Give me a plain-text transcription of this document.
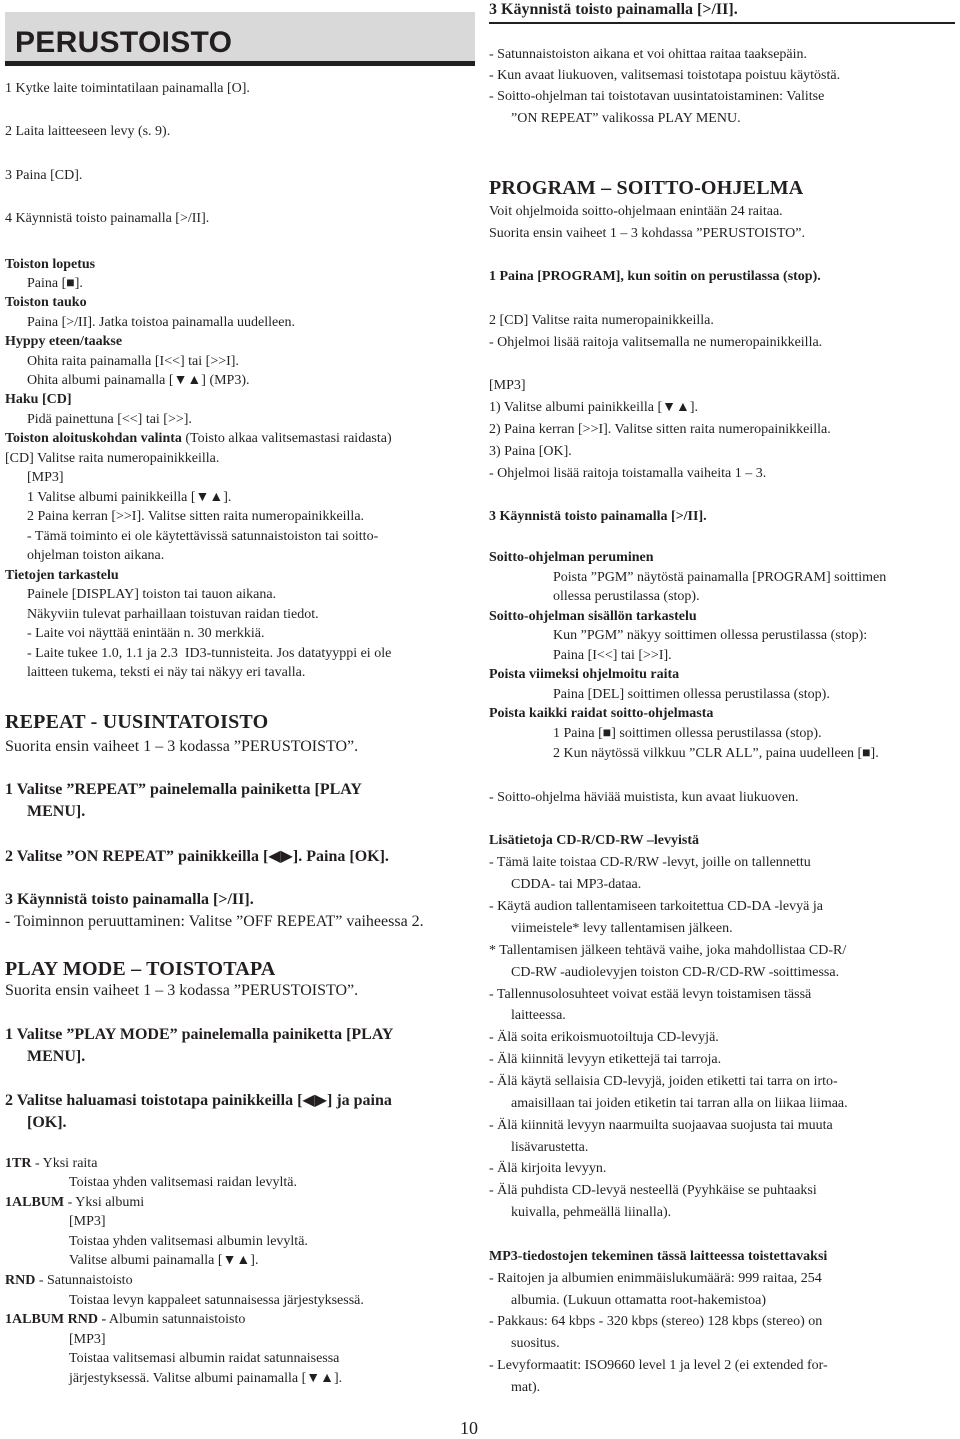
PERUSTOISTO
1 Kytke laite toimintatilaan painamalla [O].
2 Laita laitteeseen levy (s. 9).
3 Paina [CD].
4 Käynnistä toisto painamalla [>/II].
Toiston lopetus
Paina [■].
Toiston tauko
Paina [>/II]. Jatka toistoa painamalla uudelleen.
Hyppy eteen/taakse
Ohita raita painamalla [I<<] tai [>>I].
Ohita albumi painamalla [▼▲] (MP3).
Haku [CD]
Pidä painettuna [<<] tai [>>].
Toiston aloituskohdan valinta (Toisto alkaa valitsemastasi raidasta)
[CD] Valitse raita numeropainikkeilla.
[MP3]
1 Valitse albumi painikkeilla [▼▲].
2 Paina kerran [>>I]. Valitse sitten raita numeropainikkeilla.
- Tämä toiminto ei ole käytettävissä satunnaistoiston tai soitto-
ohjelman toiston aikana.
Tietojen tarkastelu
Painele [DISPLAY] toiston tai tauon aikana.
Näkyviin tulevat parhaillaan toistuvan raidan tiedot.
- Laite voi näyttää enintään n. 30 merkkiä.
- Laite tukee 1.0, 1.1 ja 2.3  ID3-tunnisteita. Jos datatyyppi ei ole
laitteen tukema, teksti ei näy tai näkyy eri tavalla.
REPEAT - UUSINTATOISTO
Suorita ensin vaiheet 1 – 3 kodassa ”PERUSTOISTO”.
1 Valitse ”REPEAT” painelemalla painiketta [PLAY
MENU].
2 Valitse ”ON REPEAT” painikkeilla [◀▶]. Paina [OK].
3 Käynnistä toisto painamalla [>/II].
- Toiminnon peruuttaminen: Valitse ”OFF REPEAT” vaiheessa 2.
PLAY MODE – TOISTOTAPA
Suorita ensin vaiheet 1 – 3 kodassa ”PERUSTOISTO”.
1 Valitse ”PLAY MODE” painelemalla painiketta [PLAY
MENU].
2 Valitse haluamasi toistotapa painikkeilla [◀▶] ja paina
[OK].
1TR - Yksi raita
Toistaa yhden valitsemasi raidan levyltä.
1ALBUM - Yksi albumi
[MP3]
Toistaa yhden valitsemasi albumin levyltä.
Valitse albumi painamalla [▼▲].
RND - Satunnaistoisto
Toistaa levyn kappaleet satunnaisessa järjestyksessä.
1ALBUM RND - Albumin satunnaistoisto
[MP3]
Toistaa valitsemasi albumin raidat satunnaisessa
järjestyksessä. Valitse albumi painamalla [▼▲].
3 Käynnistä toisto painamalla [>/II].
- Satunnaistoiston aikana et voi ohittaa raitaa taaksepäin.
- Kun avaat liukuoven, valitsemasi toistotapa poistuu käytöstä.
- Soitto-ohjelman tai toistotavan uusintatoistaminen: Valitse
”ON REPEAT” valikossa PLAY MENU.
PROGRAM – SOITTO-OHJELMA
Voit ohjelmoida soitto-ohjelmaan enintään 24 raitaa.
Suorita ensin vaiheet 1 – 3 kohdassa ”PERUSTOISTO”.
1 Paina [PROGRAM], kun soitin on perustilassa (stop).
2 [CD] Valitse raita numeropainikkeilla.
- Ohjelmoi lisää raitoja valitsemalla ne numeropainikkeilla.
[MP3]
1) Valitse albumi painikkeilla [▼▲].
2) Paina kerran [>>I]. Valitse sitten raita numeropainikkeilla.
3) Paina [OK].
- Ohjelmoi lisää raitoja toistamalla vaiheita 1 – 3.
3 Käynnistä toisto painamalla [>/II].
Soitto-ohjelman peruminen
Poista ”PGM” näytöstä painamalla [PROGRAM] soittimen
ollessa perustilassa (stop).
Soitto-ohjelman sisällön tarkastelu
Kun ”PGM” näkyy soittimen ollessa perustilassa (stop):
Paina [I<<] tai [>>I].
Poista viimeksi ohjelmoitu raita
Paina [DEL] soittimen ollessa perustilassa (stop).
Poista kaikki raidat soitto-ohjelmasta
1 Paina [■] soittimen ollessa perustilassa (stop).
2 Kun näytössä vilkkuu ”CLR ALL”, paina uudelleen [■].
- Soitto-ohjelma häviää muistista, kun avaat liukuoven.
Lisätietoja CD-R/CD-RW –levyistä
- Tämä laite toistaa CD-R/RW -levyt, joille on tallennettu
CDDA- tai MP3-dataa.
- Käytä audion tallentamiseen tarkoitettua CD-DA -levyä ja
viimeistele* levy tallentamisen jälkeen.
* Tallentamisen jälkeen tehtävä vaihe, joka mahdollistaa CD-R/
CD-RW -audiolevyjen toiston CD-R/CD-RW -soittimessa.
- Tallennusolosuhteet voivat estää levyn toistamisen tässä
laitteessa.
- Älä soita erikoismuotoiltuja CD-levyjä.
- Älä kiinnitä levyyn etikettejä tai tarroja.
- Älä käytä sellaisia CD-levyjä, joiden etiketti tai tarra on irto-
amaisillaan tai joiden etiketin tai tarran alla on liikaa liimaa.
- Älä kiinnitä levyyn naarmuilta suojaavaa suojusta tai muuta
lisävarustetta.
- Älä kirjoita levyyn.
- Älä puhdista CD-levyä nesteellä (Pyyhkäise se puhtaaksi
kuivalla, pehmeällä liinalla).
MP3-tiedostojen tekeminen tässä laitteessa toistettavaksi
- Raitojen ja albumien enimmäislukumäärä: 999 raitaa, 254
albumia. (Lukuun ottamatta root-hakemistoa)
- Pakkaus: 64 kbps - 320 kbps (stereo) 128 kbps (stereo) on
suositus.
- Levyformaatit: ISO9660 level 1 ja level 2 (ei extended for-
mat).
10
